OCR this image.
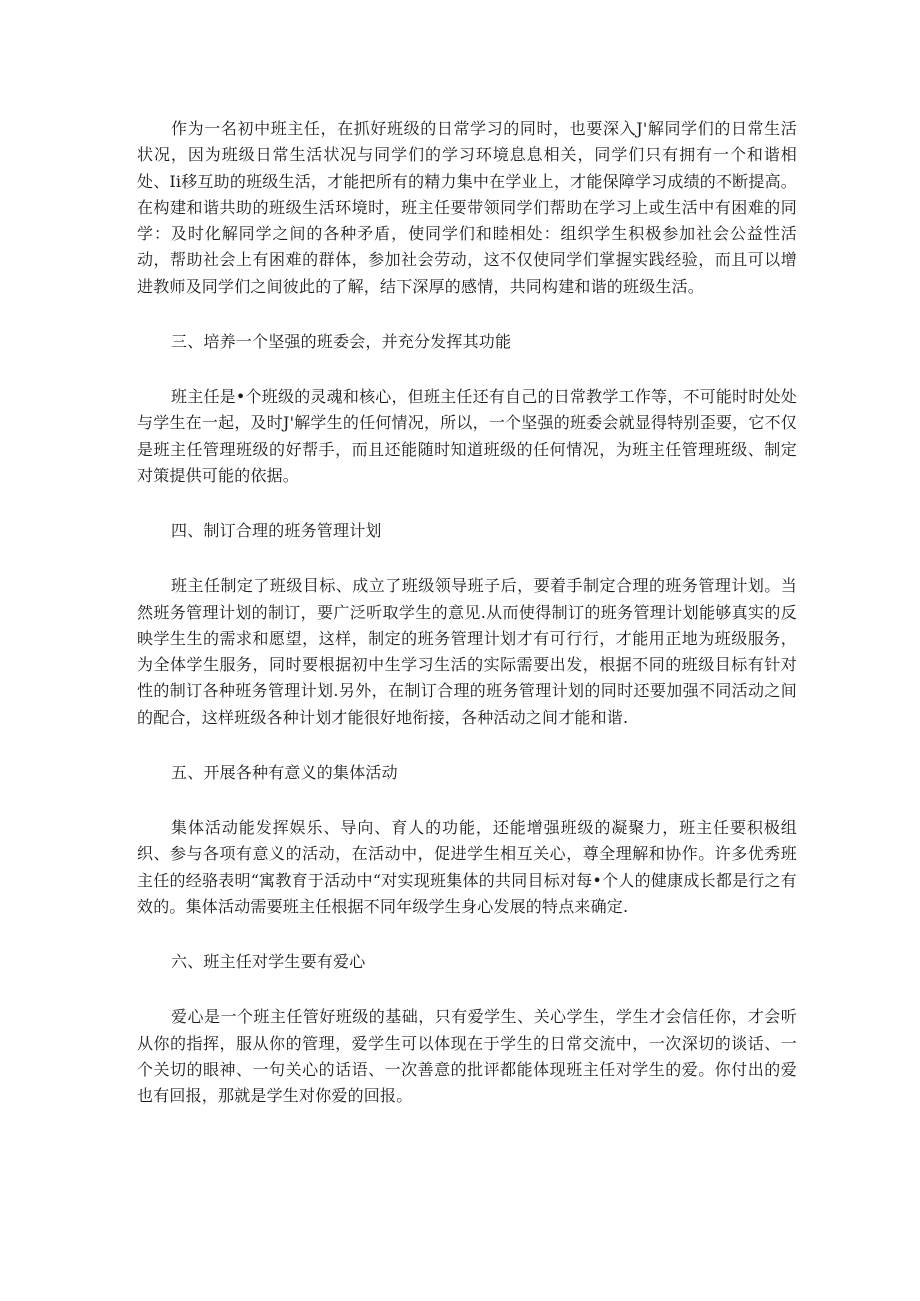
作为一名初中班主任，在抓好班级的日常学习的同时，也要深入J'解同学们的日常生活状况，因为班级日常生活状况与同学们的学习环境息息相关，同学们只有拥有一个和谐相处、Ii移互助的班级生活，才能把所有的精力集中在学业上，才能保障学习成绩的不断提高。在构建和谐共助的班级生活环境时，班主任要带领同学们帮助在学习上或生活中有困难的同学：及时化解同学之间的各种矛盾，使同学们和睦相处：组织学生积极参加社会公益性活动，帮助社会上有困难的群体，参加社会劳动，这不仅使同学们掌握实践经验，而且可以增进教师及同学们之间彼此的了解，结下深厚的感情，共同构建和谐的班级生活。

三、培养一个坚强的班委会，并充分发挥其功能

班主任是•个班级的灵魂和核心，但班主任还有自己的日常教学工作等，不可能时时处处与学生在一起，及时J'解学生的任何情况，所以，一个坚强的班委会就显得特别歪要，它不仅是班主任管理班级的好帮手，而且还能随时知道班级的任何情况，为班主任管理班级、制定对策提供可能的依据。

四、制订合理的班务管理计划

班主任制定了班级目标、成立了班级领导班子后，要着手制定合理的班务管理计划。当然班务管理计划的制订，要广泛听取学生的意见.从而使得制订的班务管理计划能够真实的反映学生生的需求和愿望，这样，制定的班务管理计划才有可行行，才能用正地为班级服务，为全体学生服务，同时要根据初中生学习生活的实际需要出发，根据不同的班级目标有针对性的制订各种班务管理计划.另外，在制订合理的班务管理计划的同时还要加强不同活动之间的配合，这样班级各种计划才能很好地衔接，各种活动之间才能和谐.

五、开展各种有意义的集体活动

集体活动能发挥娱乐、导向、育人的功能，还能增强班级的凝聚力，班主任要积极组织、参与各项有意义的活动，在活动中，促进学生相互关心，尊全理解和协作。许多优秀班主任的经骆表明“寓教育于活动中“对实现班集体的共同目标对每•个人的健康成长都是行之有效的。集体活动需要班主任根据不同年级学生身心发展的特点来确定.

六、班主任对学生要有爱心

爱心是一个班主任管好班级的基础，只有爱学生、关心学生，学生才会信任你，才会听从你的指挥，服从你的管理，爱学生可以体现在于学生的日常交流中，一次深切的谈话、一个关切的眼神、一句关心的话语、一次善意的批评都能体现班主任对学生的爱。你付出的爱也有回报，那就是学生对你爱的回报。
